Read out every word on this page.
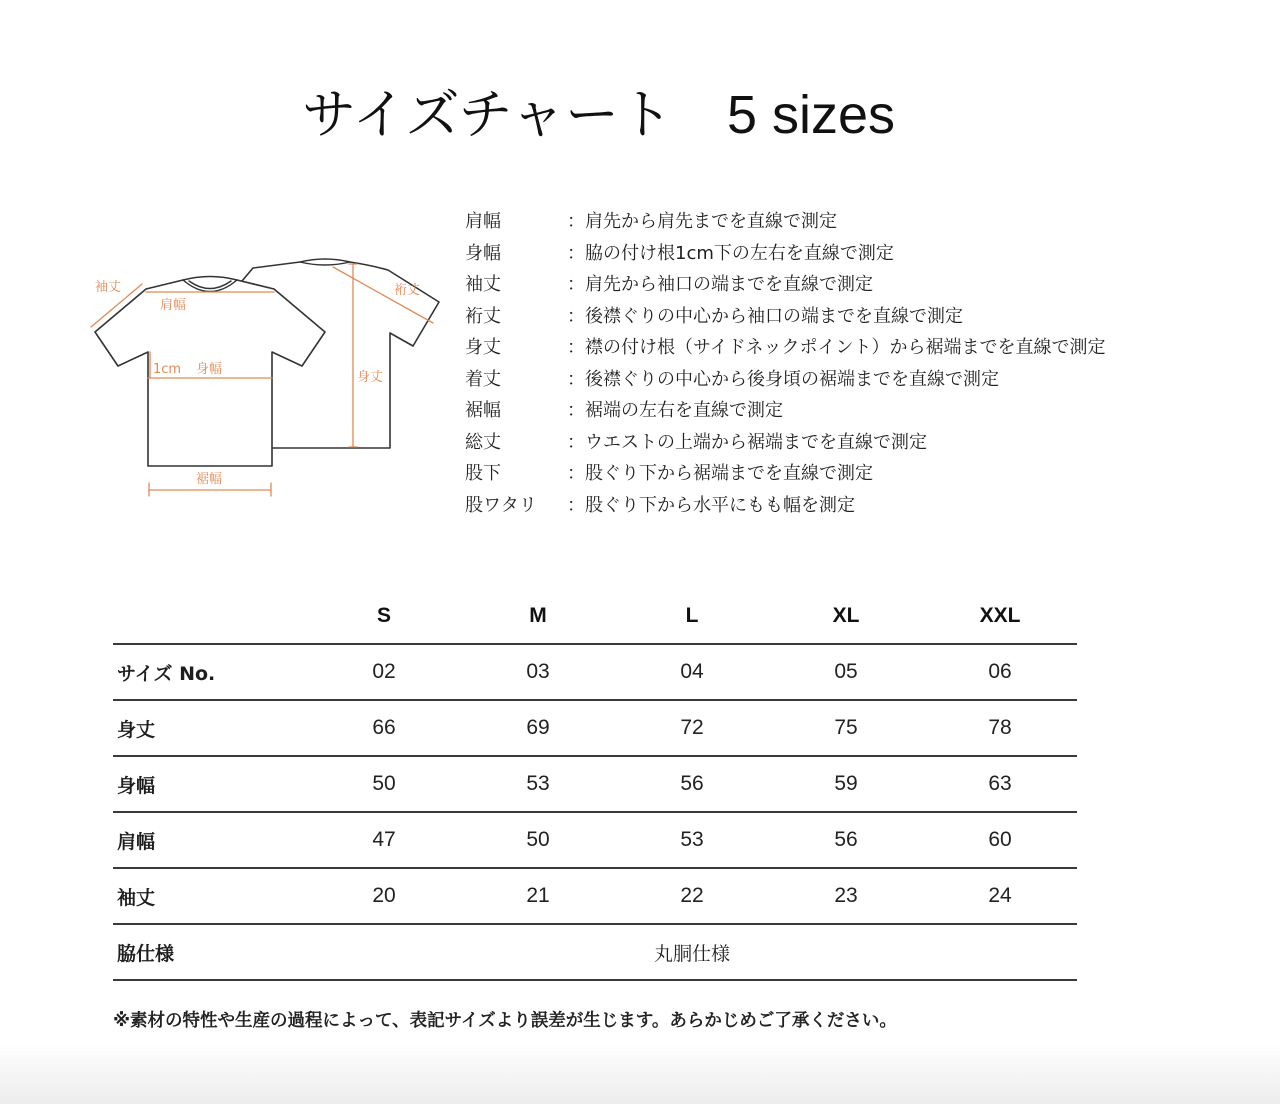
サイズチャート　5 sizes
袖丈
肩幅
裄丈
1cm 身幅
身丈
裾幅
肩幅	：肩先から肩先までを直線で測定
身幅	：脇の付け根1cm下の左右を直線で測定
袖丈	：肩先から袖口の端までを直線で測定
裄丈	：後襟ぐりの中心から袖口の端までを直線で測定
身丈	：襟の付け根（サイドネックポイント）から裾端までを直線で測定
着丈	：後襟ぐりの中心から後身頃の裾端までを直線で測定
裾幅	：裾端の左右を直線で測定
総丈	：ウエストの上端から裾端までを直線で測定
股下	：股ぐり下から裾端までを直線で測定
股ワタリ	：股ぐり下から水平にもも幅を測定
S	M	L	XL	XXL
サイズ No.	02	03	04	05	06
身丈	66	69	72	75	78
身幅	50	53	56	59	63
肩幅	47	50	53	56	60
袖丈	20	21	22	23	24
脇仕様	丸胴仕様
※素材の特性や生産の過程によって、表記サイズより誤差が生じます。あらかじめご了承ください。
